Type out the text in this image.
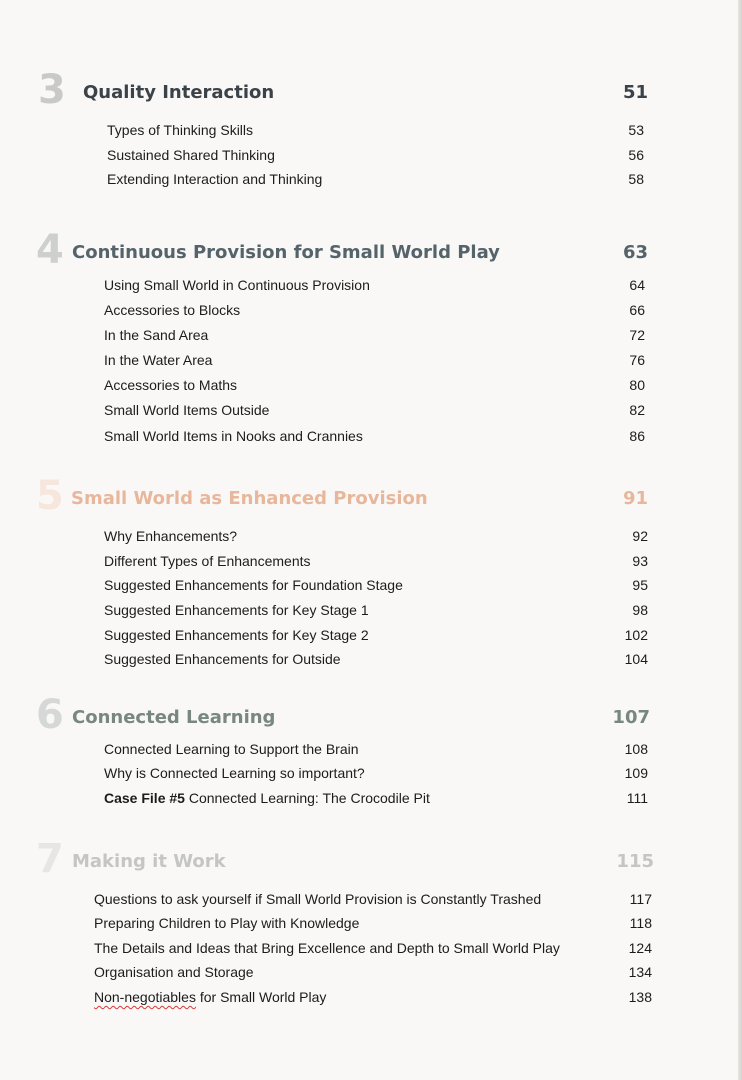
3 Quality Interaction	51
Types of Thinking Skills	53
Sustained Shared Thinking	56
Extending Interaction and Thinking	58
4 Continuous Provision for Small World Play	63
Using Small World in Continuous Provision	64
Accessories to Blocks	66
In the Sand Area	72
In the Water Area	76
Accessories to Maths	80
Small World Items Outside	82
Small World Items in Nooks and Crannies	86
5 Small World as Enhanced Provision	91
Why Enhancements?	92
Different Types of Enhancements	93
Suggested Enhancements for Foundation Stage	95
Suggested Enhancements for Key Stage 1	98
Suggested Enhancements for Key Stage 2	102
Suggested Enhancements for Outside	104
6 Connected Learning	107
Connected Learning to Support the Brain	108
Why is Connected Learning so important?	109
Case File #5 Connected Learning: The Crocodile Pit	111
7 Making it Work	115
Questions to ask yourself if Small World Provision is Constantly Trashed	117
Preparing Children to Play with Knowledge	118
The Details and Ideas that Bring Excellence and Depth to Small World Play	124
Organisation and Storage	134
Non-negotiables for Small World Play	138
